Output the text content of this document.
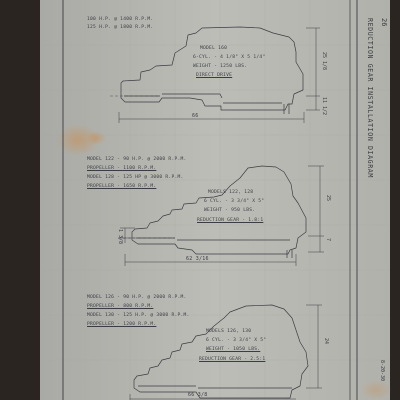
100 H.P. @ 1400 R.P.M.
125 H.P. @ 1800 R.P.M.
MODEL 160
6-CYL. - 4 1/8" X 5 1/4"
WEIGHT - 1250 LBS.
DIRECT DRIVE
66
25 1/8
11 1/2
MODEL 122 - 90 H.P. @ 2000 R.P.M.
PROPELLER - 1100 R.P.M.
MODEL 128 - 125 HP @ 3000 R.P.M.
PROPELLER - 1650 R.P.M.
MODELS 122, 128
6 CYL. - 3 3/4" X 5"
WEIGHT - 950 LBS.
REDUCTION GEAR - 1.8:1
62 3/16
25
7
1 3/8
MODEL 126 - 90 H.P. @ 2000 R.P.M.
PROPELLER - 800 R.P.M.
MODEL 130 - 125 H.P. @ 3000 R.P.M.
PROPELLER - 1200 R.P.M.
MODELS 126, 130
6 CYL. - 3 3/4" X 5"
WEIGHT - 1050 LBS.
REDUCTION GEAR - 2.5:1
66 3/8
24
REDUCTION GEAR INSTALLATION DIAGRAM 26
8-20-30
